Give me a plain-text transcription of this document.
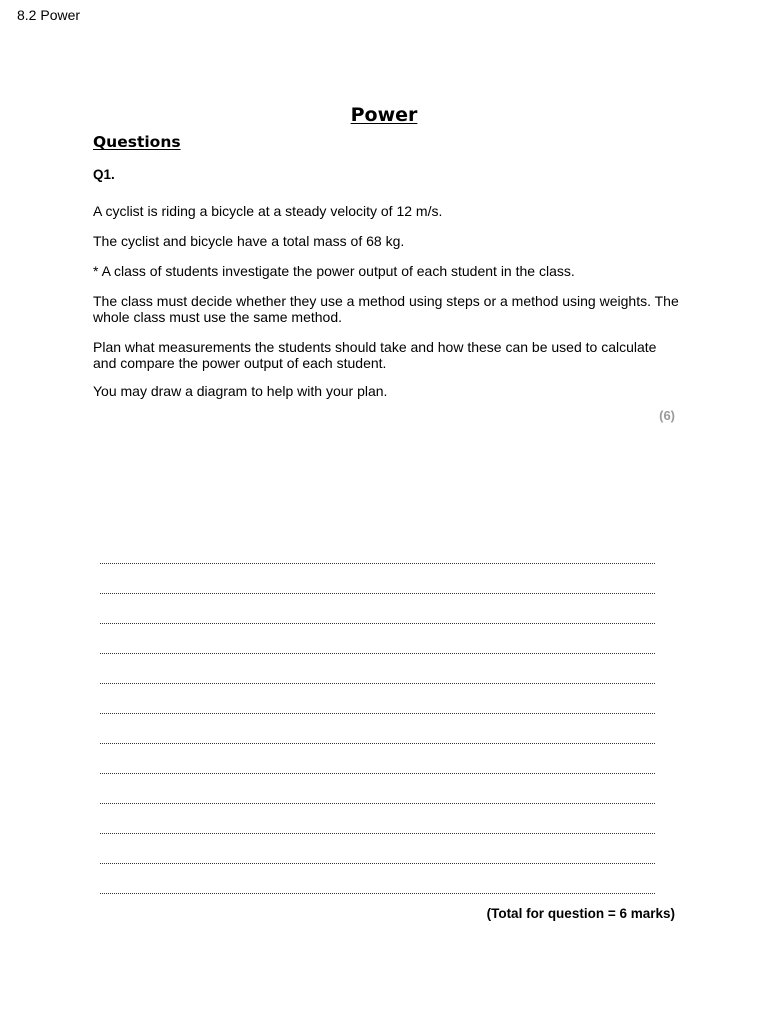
8.2 Power
Power
Questions
Q1.

A cyclist is riding a bicycle at a steady velocity of 12 m/s.

The cyclist and bicycle have a total mass of 68 kg.

* A class of students investigate the power output of each student in the class.

The class must decide whether they use a method using steps or a method using weights. The whole class must use the same method.

Plan what measurements the students should take and how these can be used to calculate and compare the power output of each student.

You may draw a diagram to help with your plan.

(6)
(Total for question = 6 marks)
